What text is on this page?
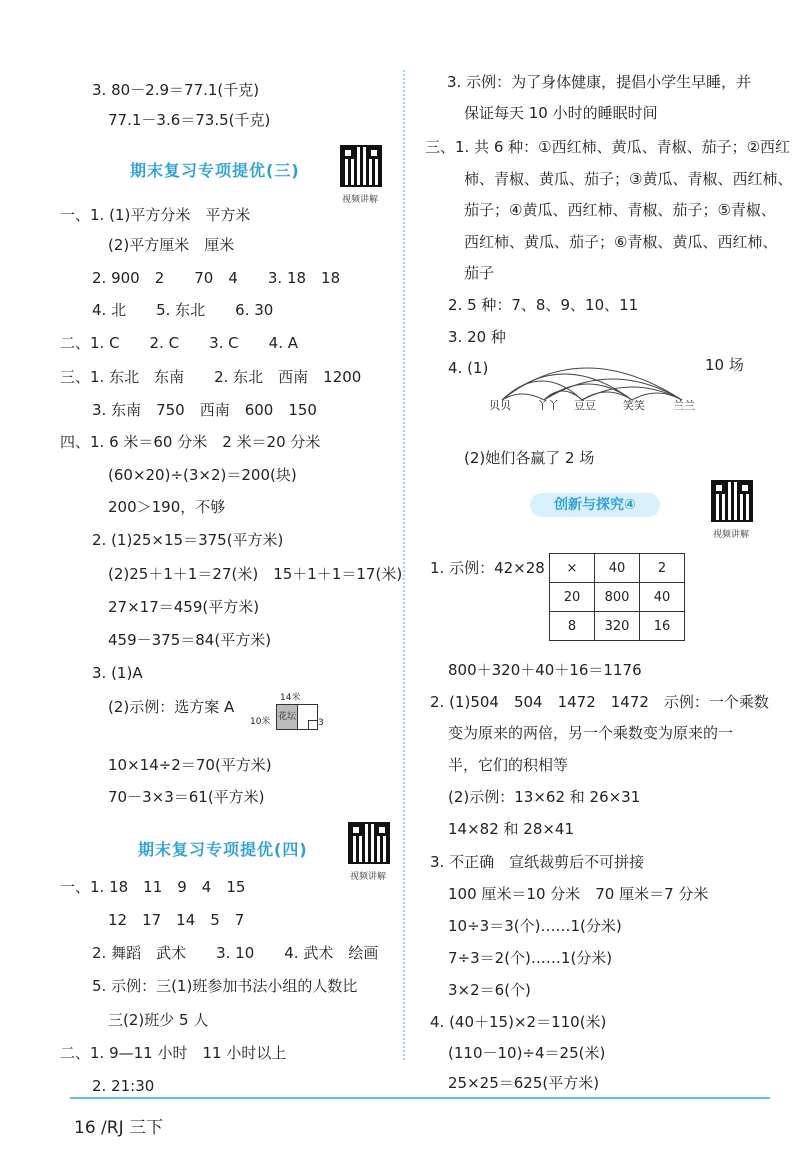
3. 80－2.9＝77.1(千克)
77.1－3.6＝73.5(千克)
期末复习专项提优(三)
视频讲解
一、1. (1)平方分米　平方米
(2)平方厘米　厘米
2. 900　2　　70　4　　3. 18　18
4. 北　　5. 东北　　6. 30
二、1. C　　2. C　　3. C　　4. A
三、1. 东北　东南　　2. 东北　西南　1200
3. 东南　750　西南　600　150
四、1. 6 米＝60 分米　2 米＝20 分米
(60×20)÷(3×2)＝200(块)
200＞190，不够
2. (1)25×15＝375(平方米)
(2)25＋1＋1＝27(米)　15＋1＋1＝17(米)
27×17＝459(平方米)
459－375＝84(平方米)
3. (1)A
(2)示例：选方案 A	14米
10米 花坛
3
10×14÷2＝70(平方米)
70－3×3＝61(平方米)
期末复习专项提优(四)
视频讲解
一、1. 18　11　9　4　15
12　17　14　5　7
2. 舞蹈　武术　　3. 10　　4. 武术　绘画
5. 示例：三(1)班参加书法小组的人数比
三(2)班少 5 人
二、1. 9—11 小时　11 小时以上
2. 21:30
3. 示例：为了身体健康，提倡小学生早睡，并
保证每天 10 小时的睡眠时间
三、1. 共 6 种：①西红柿、黄瓜、青椒、茄子；②西红
柿、青椒、黄瓜、茄子；③黄瓜、青椒、西红柿、
茄子；④黄瓜、西红柿、青椒、茄子；⑤青椒、
西红柿、黄瓜、茄子；⑥青椒、黄瓜、西红柿、
茄子
2. 5 种：7、8、9、10、11
3. 20 种
4. (1)	10 场
贝贝 丫丫 豆豆 笑笑	兰兰
(2)她们各赢了 2 场
创新与探究④
视频讲解
1. 示例：42×28 ×	40	2
20	800	40
8	320	16
800＋320＋40＋16＝1176
2. (1)504　504　1472　1472　示例：一个乘数
变为原来的两倍，另一个乘数变为原来的一
半，它们的积相等
(2)示例：13×62 和 26×31
14×82 和 28×41
3. 不正确　宣纸裁剪后不可拼接
100 厘米＝10 分米　70 厘米＝7 分米
10÷3＝3(个)……1(分米)
7÷3＝2(个)……1(分米)
3×2＝6(个)
4. (40＋15)×2＝110(米)
(110－10)÷4＝25(米)
25×25＝625(平方米)
16 /RJ 三下
